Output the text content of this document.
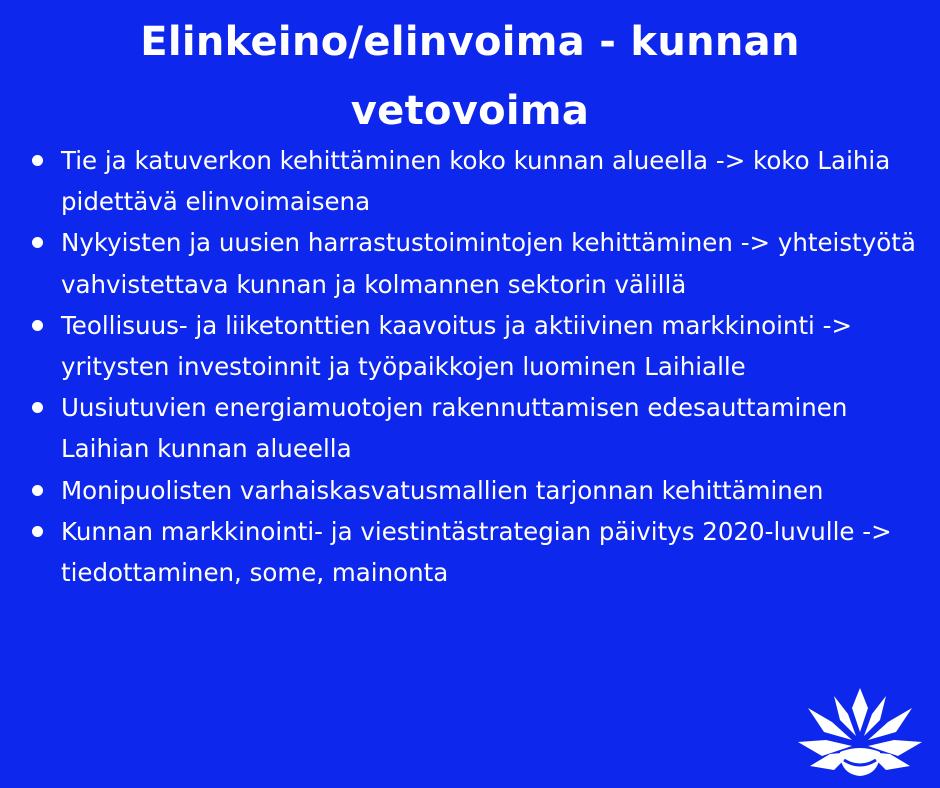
Elinkeino/elinvoima - kunnan vetovoima
Tie ja katuverkon kehittäminen koko kunnan alueella -> koko Laihia pidettävä elinvoimaisena
Nykyisten ja uusien harrastustoimintojen kehittäminen -> yhteistyötä vahvistettava kunnan ja kolmannen sektorin välillä
Teollisuus- ja liiketonttien kaavoitus ja aktiivinen markkinointi -> yritysten investoinnit ja työpaikkojen luominen Laihialle
Uusiutuvien energiamuotojen rakennuttamisen edesauttaminen Laihian kunnan alueella
Monipuolisten varhaiskasvatusmallien tarjonnan kehittäminen
Kunnan markkinointi- ja viestintästrategian päivitys 2020-luvulle -> tiedottaminen, some, mainonta
